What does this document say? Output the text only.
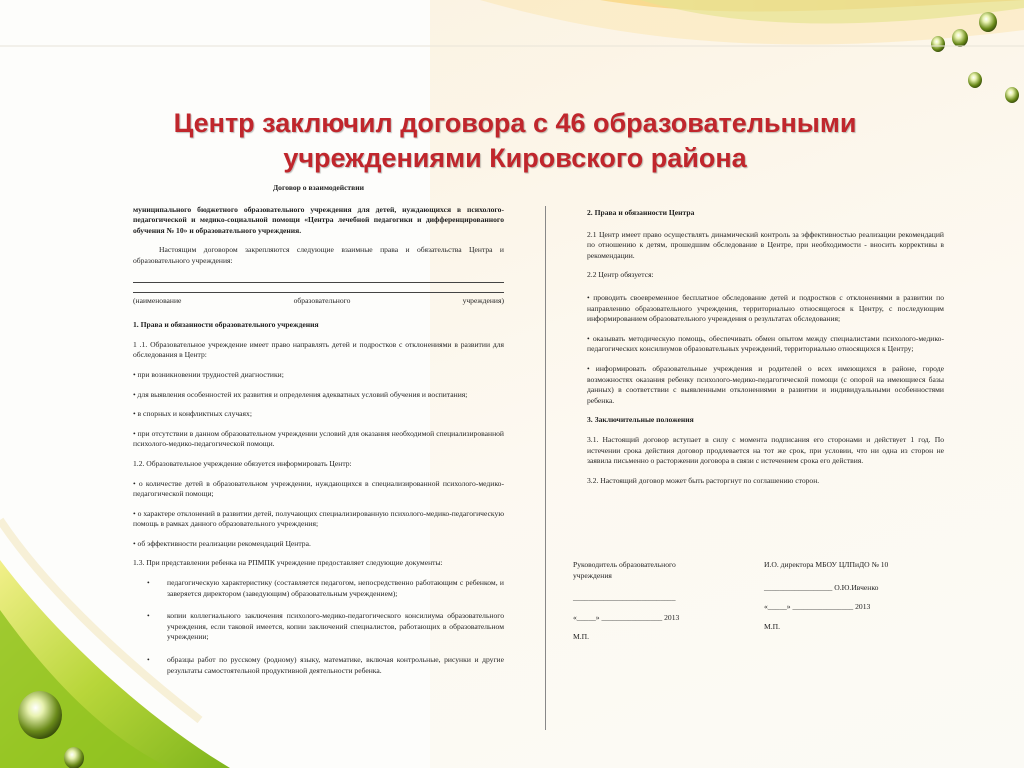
Центр заключил договора с 46 образовательными учреждениями Кировского района

Договор о взаимодействии

муниципального бюджетного образовательного учреждения для детей, нуждающихся в психолого-педагогической и медико-социальной помощи «Центра лечебной педагогики и дифференцированного обучения № 10» и образовательного учреждения.

Настоящим договором закрепляются следующие взаимные права и обязательства Центра и образовательного учреждения:

(наименование	образовательного	учреждения)

1. Права и обязанности образовательного учреждения

1 .1. Образовательное учреждение имеет право направлять детей и подростков с отклонениями в развитии для обследования в Центр:

• при возникновении трудностей диагностики;

• для выявления особенностей их развития и определения адекватных условий обучения и воспитания;

• в спорных и конфликтных случаях;

• при отсутствии в данном образовательном учреждении условий для оказания необходимой специализированной психолого-медико-педагогической помощи.

1.2. Образовательное учреждение обязуется информировать Центр:

• о количестве детей в образовательном учреждении, нуждающихся в специализированной психолого-медико-педагогической помощи;

• о характере отклонений в развитии детей, получающих специализированную психолого-медико-педагогическую помощь в рамках данного образовательного учреждения;

• об эффективности реализации рекомендаций Центра.

1.3. При представлении ребенка на РПМПК учреждение предоставляет следующие документы:

• педагогическую характеристику (составляется педагогом, непосредственно работающим с ребенком, и заверяется директором (заведующим) образовательным учреждением);

• копии коллегиального заключения психолого-медико-педагогического консилиума образовательного учреждения, если таковой имеется, копии заключений специалистов, работающих в образовательном учреждении;

• образцы работ по русскому (родному) языку, математике, включая контрольные, рисунки и другие результаты самостоятельной продуктивной деятельности ребенка.

2. Права и обязанности Центра

2.1 Центр имеет право осуществлять динамический контроль за эффективностью реализации рекомендаций по отношению к детям, прошедшим обследование в Центре, при необходимости - вносить коррективы в рекомендации.

2.2 Центр обязуется:

• проводить своевременное бесплатное обследование детей и подростков с отклонениями в развитии по направлению образовательного учреждения, территориально относящегося к Центру, с последующим информированием образовательного учреждения о результатах обследования;

• оказывать методическую помощь, обеспечивать обмен опытом между специалистами психолого-медико-педагогических консилиумов образовательных учреждений, территориально относящихся к Центру;

• информировать образовательные учреждения и родителей о всех имеющихся в районе, городе возможностях оказания ребенку психолого-медико-педагогической помощи (с опорой на имеющиеся базы данных) в соответствии с выявленными отклонениями в развитии и индивидуальными особенностями ребенка.

3. Заключительные положения

3.1. Настоящий договор вступает в силу с момента подписания его сторонами и действует 1 год. По истечении срока действия договор продлевается на тот же срок, при условии, что ни одна из сторон не заявила письменно о расторжении договора в связи с истечением срока его действия.

3.2. Настоящий договор может быть расторгнут по соглашению сторон.

Руководитель образовательного учреждения

___________________________

«_____» ________________ 2013

М.П.

И.О. директора МБОУ ЦЛПиДО № 10

__________________ О.Ю.Ивченко

«_____» ________________ 2013

М.П.
